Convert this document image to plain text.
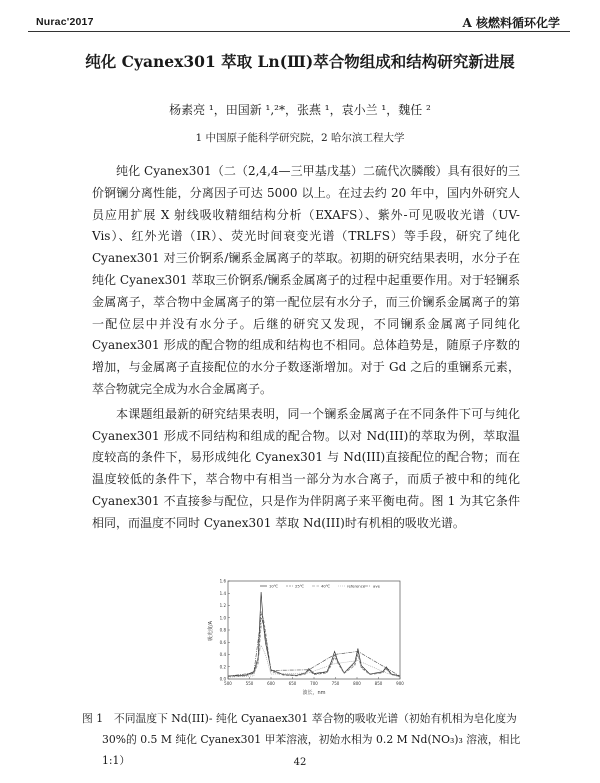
Nurac'2017	A 核燃料循环化学
纯化 Cyanex301 萃取 Ln(Ⅲ)萃合物组成和结构研究新进展
杨素亮 ¹，田国新 ¹,²*，张燕 ¹，袁小兰 ¹，魏任 ²
1 中国原子能科学研究院，2 哈尔滨工程大学

纯化 Cyanex301（二（2,4,4—三甲基戊基）二硫代次膦酸）具有很好的三价锕镧分离性能，分离因子可达 5000 以上。在过去约 20 年中，国内外研究人员应用扩展 X 射线吸收精细结构分析（EXAFS）、紫外-可见吸收光谱（UV-Vis）、红外光谱（IR）、荧光时间衰变光谱（TRLFS）等手段，研究了纯化 Cyanex301 对三价锕系/镧系金属离子的萃取。初期的研究结果表明，水分子在纯化 Cyanex301 萃取三价锕系/镧系金属离子的过程中起重要作用。对于轻镧系金属离子，萃合物中金属离子的第一配位层有水分子，而三价镧系金属离子的第一配位层中并没有水分子。后继的研究又发现，不同镧系金属离子同纯化 Cyanex301 形成的配合物的组成和结构也不相同。总体趋势是，随原子序数的增加，与金属离子直接配位的水分子数逐渐增加。对于 Gd 之后的重镧系元素，萃合物就完全成为水合金属离子。

本课题组最新的研究结果表明，同一个镧系金属离子在不同条件下可与纯化 Cyanex301 形成不同结构和组成的配合物。以对 Nd(III)的萃取为例，萃取温度较高的条件下，易形成纯化 Cyanex301 与 Nd(III)直接配位的配合物；而在温度较低的条件下，萃合物中有相当一部分为水合离子，而质子被中和的纯化 Cyanex301 不直接参与配位，只是作为伴阴离子来平衡电荷。图 1 为其它条件相同，而温度不同时 Cyanex301 萃取 Nd(III)时有机相的吸收光谱。

0.0
0.2
0.4
0.6
0.8
1.0
1.2
1.4
1.6
500	550	600	650	700	750	800	850	900
10℃	25℃	40℃	reference ave
吸光度/A
波长，nm
图 1　不同温度下 Nd(III)- 纯化 Cyanaex301 萃合物的吸收光谱（初始有机相为皂化度为
30%的 0.5 M 纯化 Cyanex301 甲苯溶液，初始水相为 0.2 M Nd(NO₃)₃ 溶液，相比 1:1）	42
